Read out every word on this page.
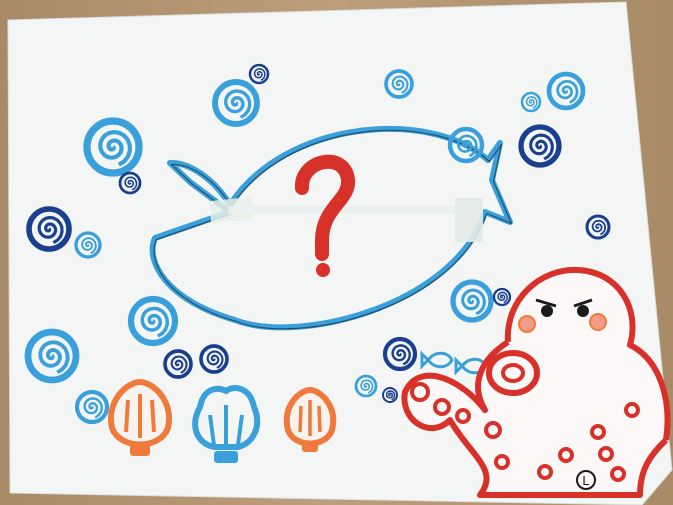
L
